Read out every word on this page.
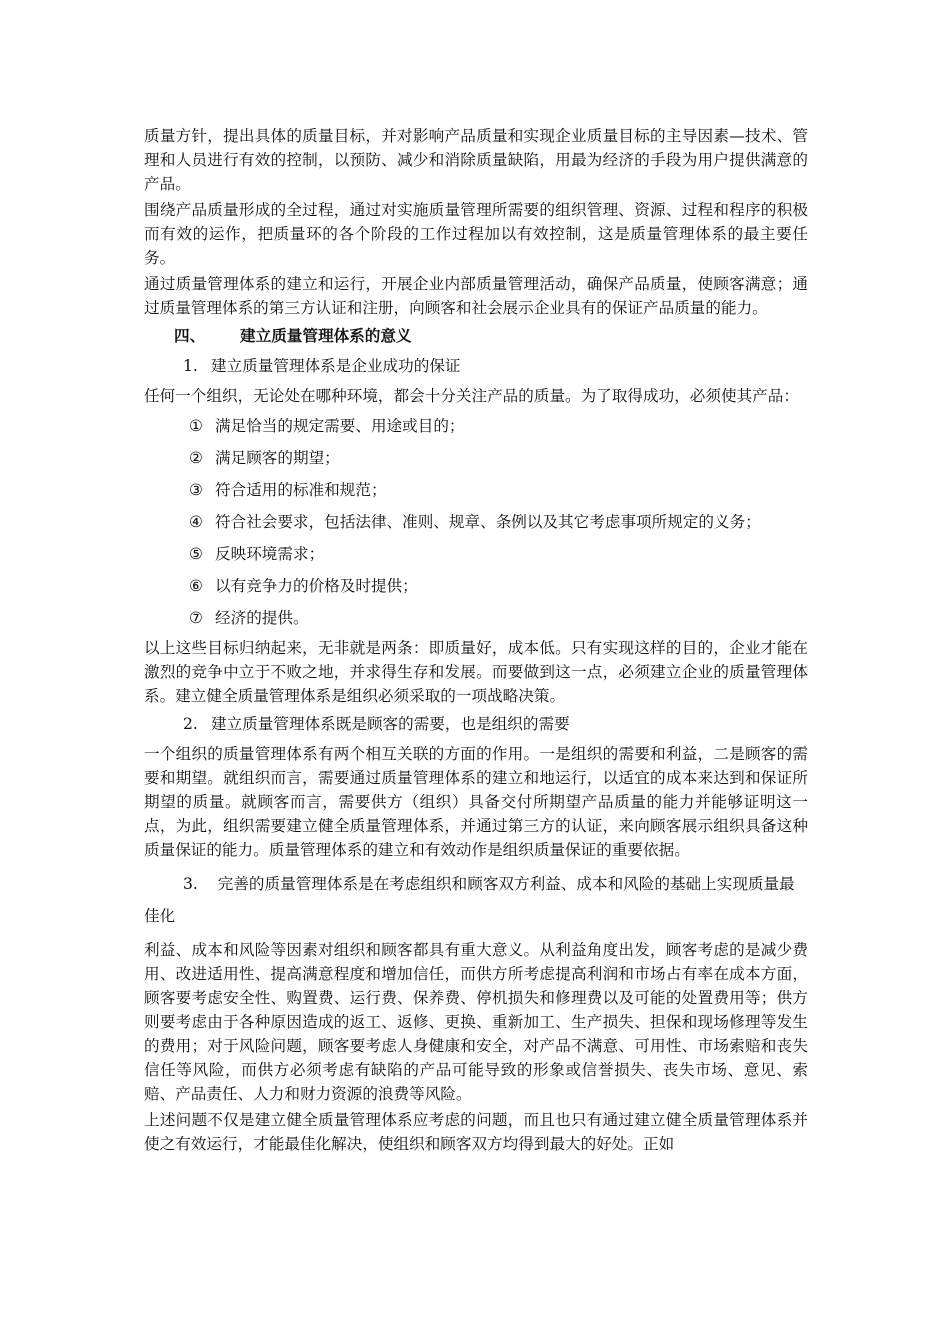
质量方针，提出具体的质量目标，并对影响产品质量和实现企业质量目标的主导因素—技术、管理和人员进行有效的控制，以预防、减少和消除质量缺陷，用最为经济的手段为用户提供满意的产品。

围绕产品质量形成的全过程，通过对实施质量管理所需要的组织管理、资源、过程和程序的积极而有效的运作，把质量环的各个阶段的工作过程加以有效控制，这是质量管理体系的最主要任务。

通过质量管理体系的建立和运行，开展企业内部质量管理活动，确保产品质量，使顾客满意；通过质量管理体系的第三方认证和注册，向顾客和社会展示企业具有的保证产品质量的能力。

四、 建立质量管理体系的意义
1. 建立质量管理体系是企业成功的保证

任何一个组织，无论处在哪种环境，都会十分关注产品的质量。为了取得成功，必须使其产品：

① 满足恰当的规定需要、用途或目的；
② 满足顾客的期望；
③ 符合适用的标准和规范；
④ 符合社会要求，包括法律、准则、规章、条例以及其它考虑事项所规定的义务；
⑤ 反映环境需求；
⑥ 以有竞争力的价格及时提供；
⑦ 经济的提供。

以上这些目标归纳起来，无非就是两条：即质量好，成本低。只有实现这样的目的，企业才能在激烈的竞争中立于不败之地，并求得生存和发展。而要做到这一点，必须建立企业的质量管理体系。建立健全质量管理体系是组织必须采取的一项战略决策。

2. 建立质量管理体系既是顾客的需要，也是组织的需要

一个组织的质量管理体系有两个相互关联的方面的作用。一是组织的需要和利益，二是顾客的需要和期望。就组织而言，需要通过质量管理体系的建立和地运行，以适宜的成本来达到和保证所期望的质量。就顾客而言，需要供方（组织）具备交付所期望产品质量的能力并能够证明这一点，为此，组织需要建立健全质量管理体系，并通过第三方的认证，来向顾客展示组织具备这种质量保证的能力。质量管理体系的建立和有效动作是组织质量保证的重要依据。

3. 完善的质量管理体系是在考虑组织和顾客双方利益、成本和风险的基础上实现质量最佳化

利益、成本和风险等因素对组织和顾客都具有重大意义。从利益角度出发，顾客考虑的是减少费用、改进适用性、提高满意程度和增加信任，而供方所考虑提高利润和市场占有率在成本方面，顾客要考虑安全性、购置费、运行费、保养费、停机损失和修理费以及可能的处置费用等；供方则要考虑由于各种原因造成的返工、返修、更换、重新加工、生产损失、担保和现场修理等发生的费用；对于风险问题，顾客要考虑人身健康和安全，对产品不满意、可用性、市场索赔和丧失信任等风险，而供方必须考虑有缺陷的产品可能导致的形象或信誉损失、丧失市场、意见、索赔、产品责任、人力和财力资源的浪费等风险。

上述问题不仅是建立健全质量管理体系应考虑的问题，而且也只有通过建立健全质量管理体系并使之有效运行，才能最佳化解决，使组织和顾客双方均得到最大的好处。正如
